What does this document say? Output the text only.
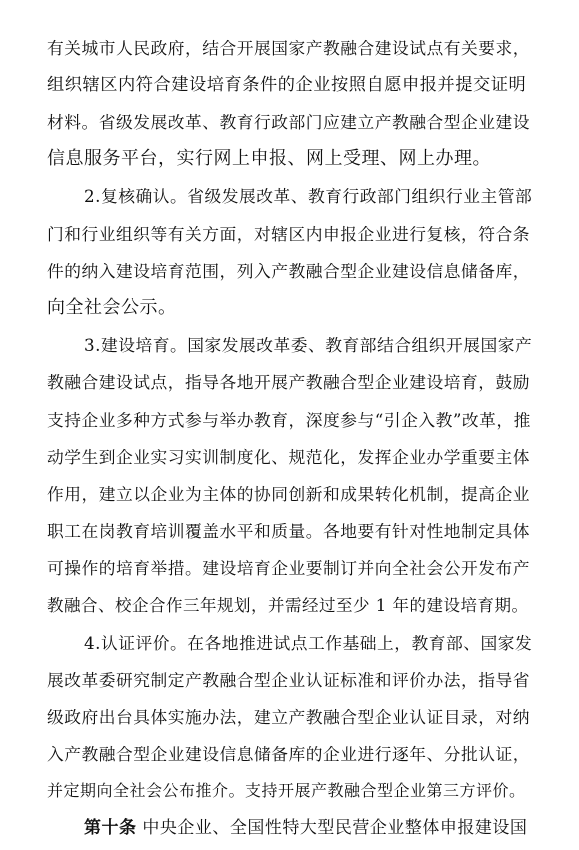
有关城市人民政府，结合开展国家产教融合建设试点有关要求，
组织辖区内符合建设培育条件的企业按照自愿申报并提交证明
材料。省级发展改革、教育行政部门应建立产教融合型企业建设
信息服务平台，实行网上申报、网上受理、网上办理。
2.复核确认。省级发展改革、教育行政部门组织行业主管部
门和行业组织等有关方面，对辖区内申报企业进行复核，符合条
件的纳入建设培育范围，列入产教融合型企业建设信息储备库，
向全社会公示。
3.建设培育。国家发展改革委、教育部结合组织开展国家产
教融合建设试点，指导各地开展产教融合型企业建设培育，鼓励
支持企业多种方式参与举办教育，深度参与“引企入教”改革，推
动学生到企业实习实训制度化、规范化，发挥企业办学重要主体
作用，建立以企业为主体的协同创新和成果转化机制，提高企业
职工在岗教育培训覆盖水平和质量。各地要有针对性地制定具体
可操作的培育举措。建设培育企业要制订并向全社会公开发布产
教融合、校企合作三年规划，并需经过至少 1 年的建设培育期。
4.认证评价。在各地推进试点工作基础上，教育部、国家发
展改革委研究制定产教融合型企业认证标准和评价办法，指导省
级政府出台具体实施办法，建立产教融合型企业认证目录，对纳
入产教融合型企业建设信息储备库的企业进行逐年、分批认证，
并定期向全社会公布推介。支持开展产教融合型企业第三方评价。
第十条 中央企业、全国性特大型民营企业整体申报建设国
